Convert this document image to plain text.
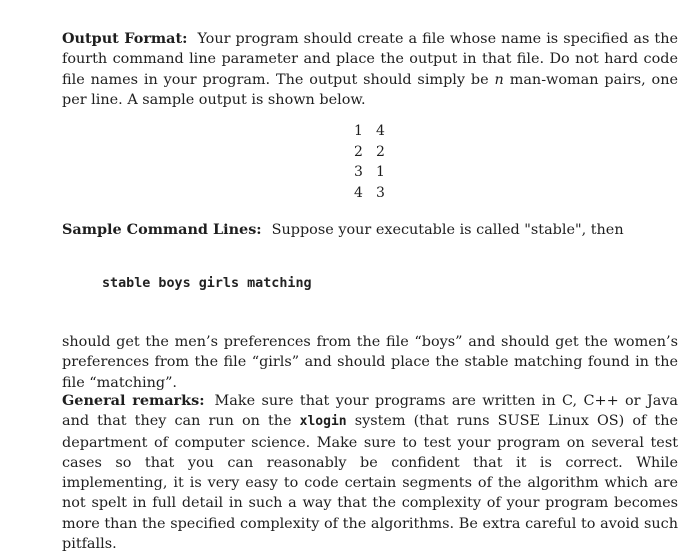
Output Format: Your program should create a file whose name is specified as the fourth command line parameter and place the output in that file. Do not hard code file names in your program. The output should simply be n man-woman pairs, one per line. A sample output is shown below.

Sample Command Lines: Suppose your executable is called "stable", then

should get the men’s preferences from the file “boys” and should get the women’s preferences from the file “girls” and should place the stable matching found in the file “matching”.

General remarks: Make sure that your programs are written in C, C++ or Java and that they can run on the xlogin system (that runs SUSE Linux OS) of the department of computer science. Make sure to test your program on several test cases so that you can reasonably be confident that it is correct. While implementing, it is very easy to code certain segments of the algorithm which are not spelt in full detail in such a way that the complexity of your program becomes more than the specified complexity of the algorithms. Be extra careful to avoid such pitfalls.

1 4
2 2
3 1
4 3
stable boys girls matching
